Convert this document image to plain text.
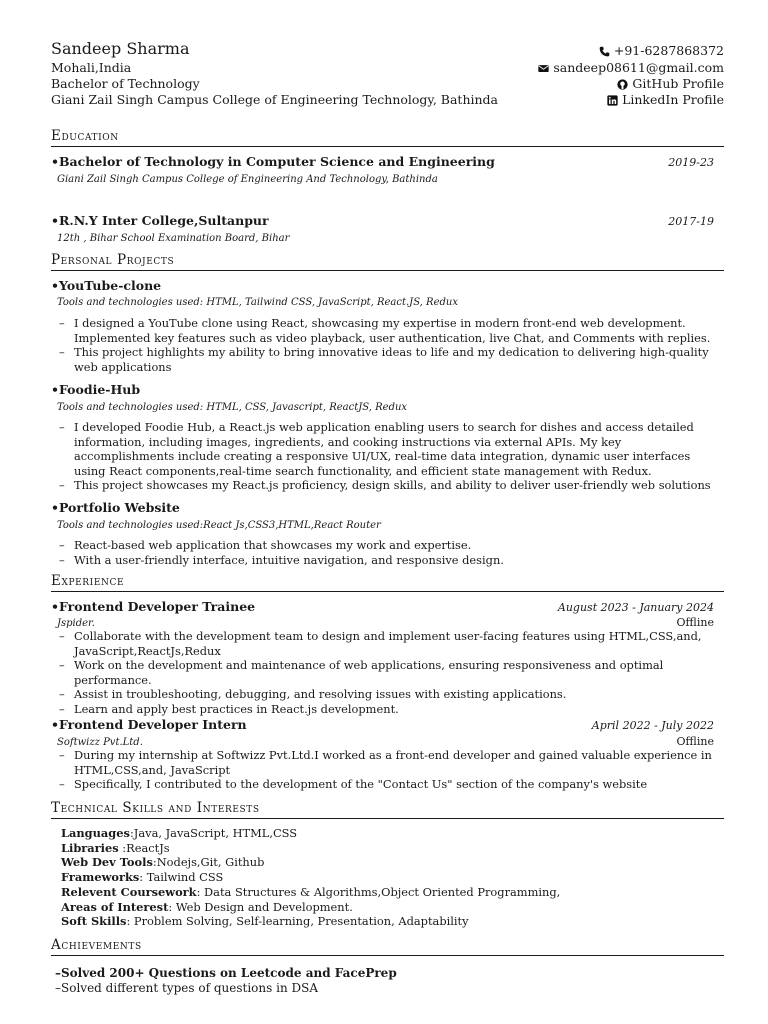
Sandeep Sharma
Mohali,India
Bachelor of Technology
Giani Zail Singh Campus College of Engineering Technology, Bathinda
+91-6287868372
sandeep08611@gmail.com
GitHub Profile
LinkedIn Profile
Education
•Bachelor of Technology in Computer Science and Engineering	2019-23
Giani Zail Singh Campus College of Engineering And Technology, Bathinda
•R.N.Y Inter College,Sultanpur	2017-19
12th , Bihar School Examination Board, Bihar
Personal Projects
•YouTube-clone
Tools and technologies used: HTML, Tailwind CSS, JavaScript, React.JS, Redux
– I designed a YouTube clone using React, showcasing my expertise in modern front-end web development. Implemented key features such as video playback, user authentication, live Chat, and Comments with replies.
– This project highlights my ability to bring innovative ideas to life and my dedication to delivering high-quality web applications
•Foodie-Hub
Tools and technologies used: HTML, CSS, Javascript, ReactJS, Redux
– I developed Foodie Hub, a React.js web application enabling users to search for dishes and access detailed information, including images, ingredients, and cooking instructions via external APIs. My key accomplishments include creating a responsive UI/UX, real-time data integration, dynamic user interfaces using React components,real-time search functionality, and efficient state management with Redux.
– This project showcases my React.js proficiency, design skills, and ability to deliver user-friendly web solutions
•Portfolio Website
Tools and technologies used:React Js,CSS3,HTML,React Router
– React-based web application that showcases my work and expertise.
– With a user-friendly interface, intuitive navigation, and responsive design.
Experience
•Frontend Developer Trainee	August 2023 - January 2024
Jspider.	Offline
– Collaborate with the development team to design and implement user-facing features using HTML,CSS,and, JavaScript,ReactJs,Redux
– Work on the development and maintenance of web applications, ensuring responsiveness and optimal performance.
– Assist in troubleshooting, debugging, and resolving issues with existing applications.
– Learn and apply best practices in React.js development.
•Frontend Developer Intern	April 2022 - July 2022
Softwizz Pvt.Ltd.	Offline
– During my internship at Softwizz Pvt.Ltd.I worked as a front-end developer and gained valuable experience in HTML,CSS,and, JavaScript
– Specifically, I contributed to the development of the "Contact Us" section of the company's website
Technical Skills and Interests
Languages:Java, JavaScript, HTML,CSS
Libraries :ReactJs
Web Dev Tools:Nodejs,Git, Github
Frameworks: Tailwind CSS
Relevent Coursework: Data Structures & Algorithms,Object Oriented Programming,
Areas of Interest: Web Design and Development.
Soft Skills: Problem Solving, Self-learning, Presentation, Adaptability
Achievements
–Solved 200+ Questions on Leetcode and FacePrep
–Solved different types of questions in DSA
